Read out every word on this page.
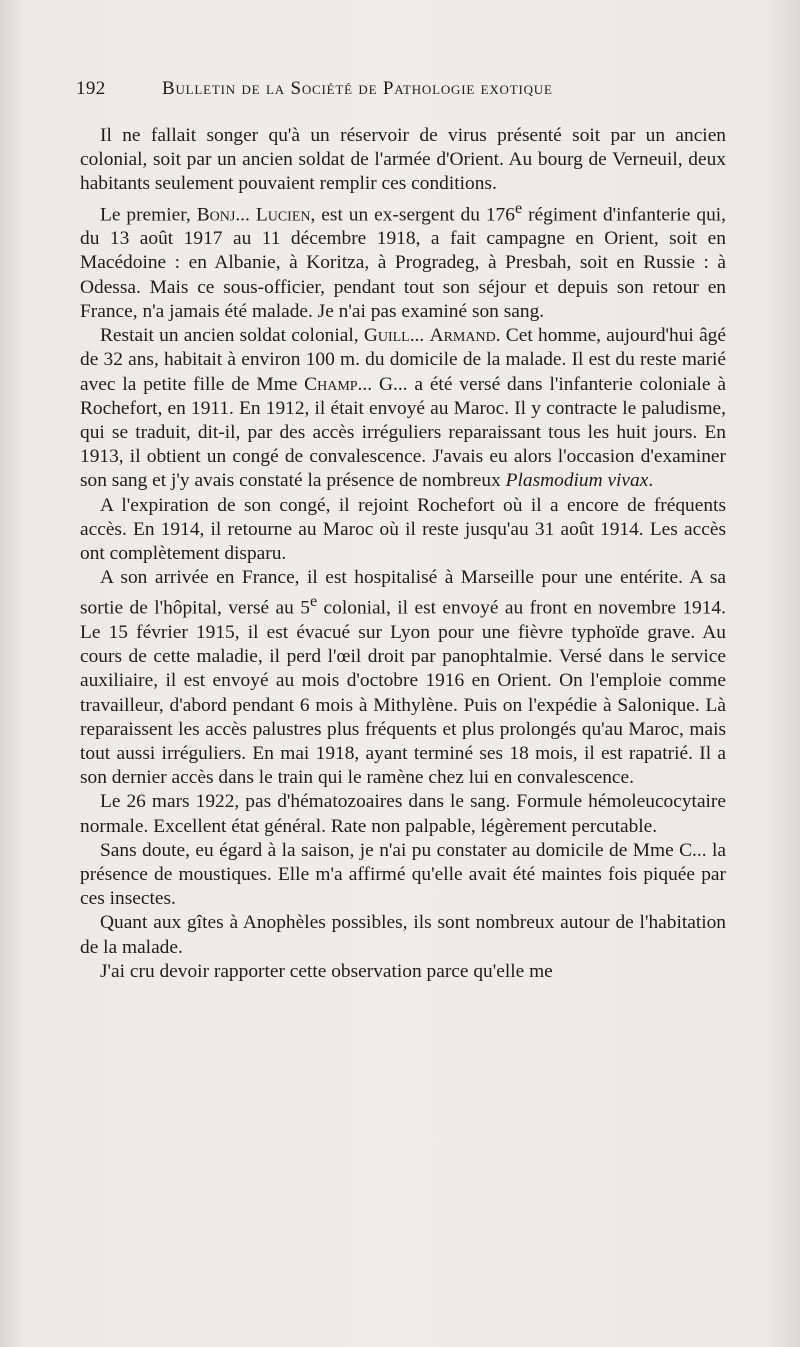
192	Bulletin de la Société de Pathologie exotique

Il ne fallait songer qu'à un réservoir de virus présenté soit par un ancien colonial, soit par un ancien soldat de l'armée d'Orient. Au bourg de Verneuil, deux habitants seulement pouvaient remplir ces conditions.

Le premier, Bonj... Lucien, est un ex-sergent du 176e régiment d'infanterie qui, du 13 août 1917 au 11 décembre 1918, a fait campagne en Orient, soit en Macédoine : en Albanie, à Koritza, à Progradeg, à Presbah, soit en Russie : à Odessa. Mais ce sous-officier, pendant tout son séjour et depuis son retour en France, n'a jamais été malade. Je n'ai pas examiné son sang.

Restait un ancien soldat colonial, Guill... Armand. Cet homme, aujourd'hui âgé de 32 ans, habitait à environ 100 m. du domicile de la malade. Il est du reste marié avec la petite fille de Mme Champ... G... a été versé dans l'infanterie coloniale à Rochefort, en 1911. En 1912, il était envoyé au Maroc. Il y contracte le paludisme, qui se traduit, dit-il, par des accès irréguliers reparaissant tous les huit jours. En 1913, il obtient un congé de convalescence. J'avais eu alors l'occasion d'examiner son sang et j'y avais constaté la présence de nombreux Plasmodium vivax.

A l'expiration de son congé, il rejoint Rochefort où il a encore de fréquents accès. En 1914, il retourne au Maroc où il reste jusqu'au 31 août 1914. Les accès ont complètement disparu.

A son arrivée en France, il est hospitalisé à Marseille pour une entérite. A sa sortie de l'hôpital, versé au 5e colonial, il est envoyé au front en novembre 1914. Le 15 février 1915, il est évacué sur Lyon pour une fièvre typhoïde grave. Au cours de cette maladie, il perd l'œil droit par panophtalmie. Versé dans le service auxiliaire, il est envoyé au mois d'octobre 1916 en Orient. On l'emploie comme travailleur, d'abord pendant 6 mois à Mithylène. Puis on l'expédie à Salonique. Là reparaissent les accès palustres plus fréquents et plus prolongés qu'au Maroc, mais tout aussi irréguliers. En mai 1918, ayant terminé ses 18 mois, il est rapatrié. Il a son dernier accès dans le train qui le ramène chez lui en convalescence.

Le 26 mars 1922, pas d'hématozoaires dans le sang. Formule hémoleucocytaire normale. Excellent état général. Rate non palpable, légèrement percutable.

Sans doute, eu égard à la saison, je n'ai pu constater au domicile de Mme C... la présence de moustiques. Elle m'a affirmé qu'elle avait été maintes fois piquée par ces insectes.

Quant aux gîtes à Anophèles possibles, ils sont nombreux autour de l'habitation de la malade.

J'ai cru devoir rapporter cette observation parce qu'elle me
